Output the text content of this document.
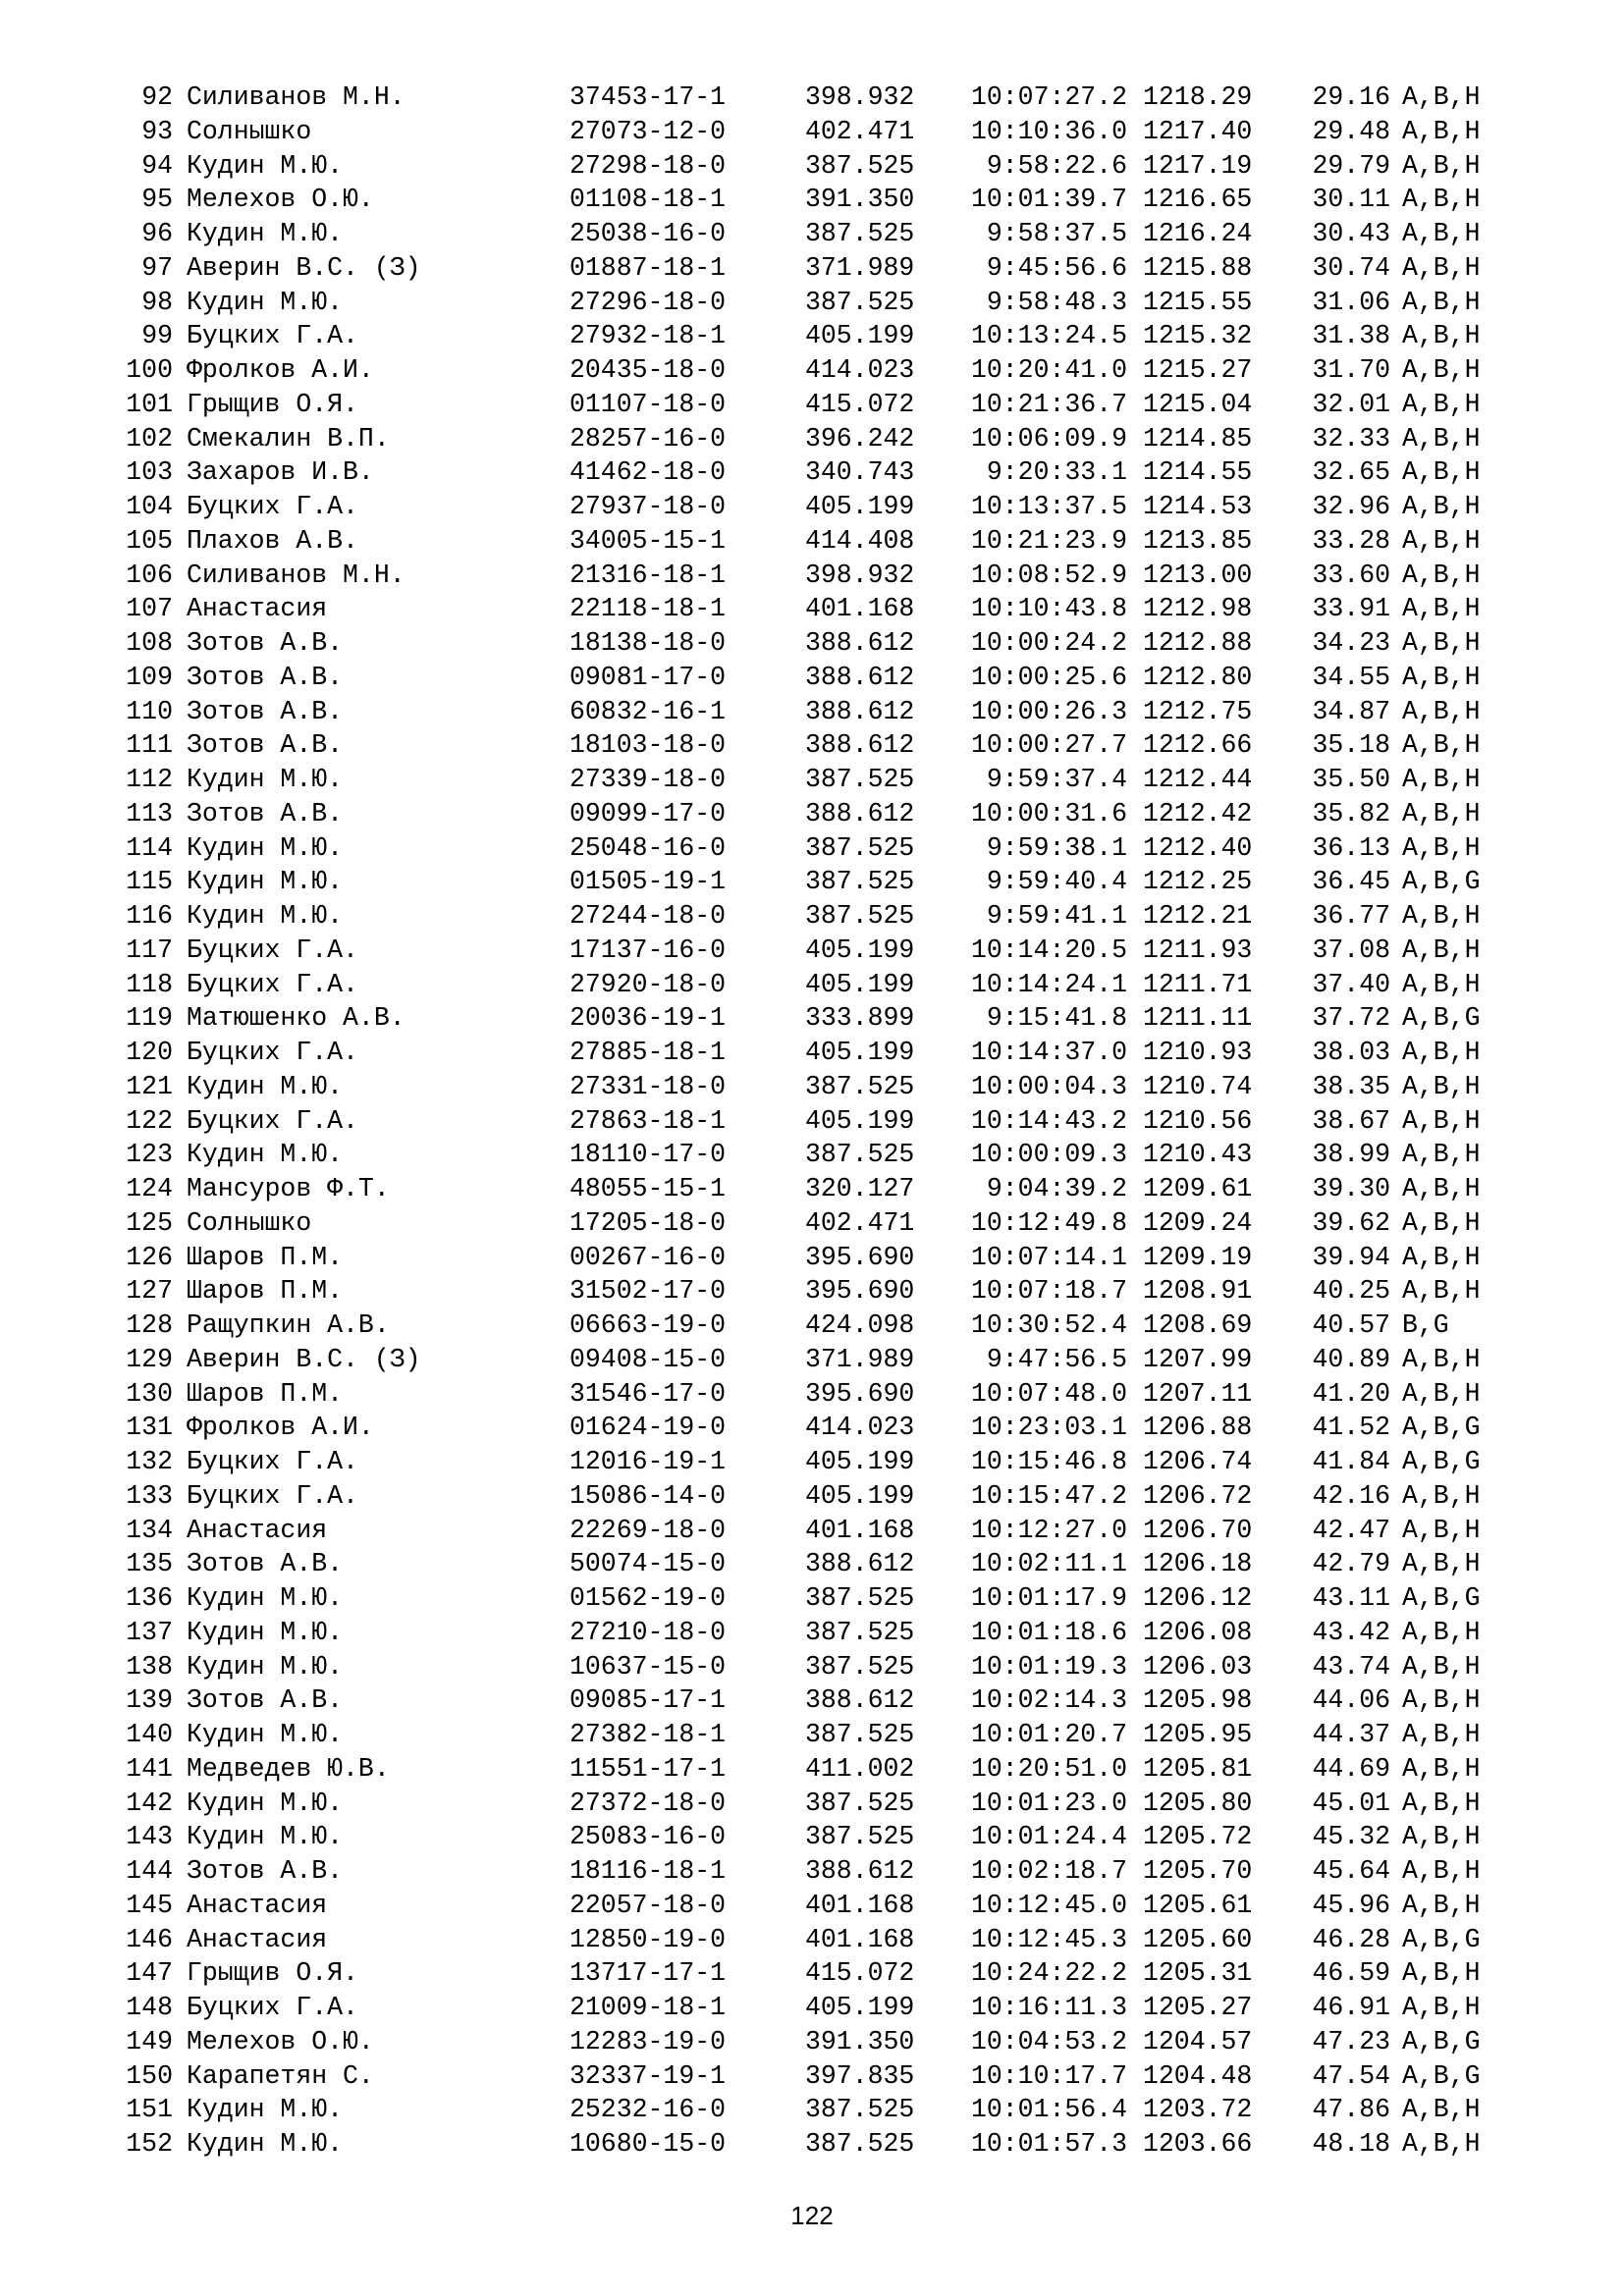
92 Силиванов М.Н.	37453-17-1	398.932	10:07:27.2 1218.29 29.16 A,B,H
93 Солнышко	27073-12-0	402.471	10:10:36.0 1217.40 29.48 A,B,H
94 Кудин М.Ю.	27298-18-0	387.525	9:58:22.6 1217.19 29.79 A,B,H
95 Мелехов О.Ю.	01108-18-1	391.350	10:01:39.7 1216.65 30.11 A,B,H
96 Кудин М.Ю.	25038-16-0	387.525	9:58:37.5 1216.24 30.43 A,B,H
97 Аверин В.С. (З)	01887-18-1	371.989	9:45:56.6 1215.88 30.74 A,B,H
98 Кудин М.Ю.	27296-18-0	387.525	9:58:48.3 1215.55 31.06 A,B,H
99 Буцких Г.А.	27932-18-1	405.199	10:13:24.5 1215.32 31.38 A,B,H
100 Фролков А.И.	20435-18-0	414.023	10:20:41.0 1215.27 31.70 A,B,H
101 Грыщив О.Я.	01107-18-0	415.072	10:21:36.7 1215.04 32.01 A,B,H
102 Смекалин В.П.	28257-16-0	396.242	10:06:09.9 1214.85 32.33 A,B,H
103 Захаров И.В.	41462-18-0	340.743	9:20:33.1 1214.55 32.65 A,B,H
104 Буцких Г.А.	27937-18-0	405.199	10:13:37.5 1214.53 32.96 A,B,H
105 Плахов А.В.	34005-15-1	414.408	10:21:23.9 1213.85 33.28 A,B,H
106 Силиванов М.Н.	21316-18-1	398.932	10:08:52.9 1213.00 33.60 A,B,H
107 Анастасия	22118-18-1	401.168	10:10:43.8 1212.98 33.91 A,B,H
108 Зотов А.В.	18138-18-0	388.612	10:00:24.2 1212.88 34.23 A,B,H
109 Зотов А.В.	09081-17-0	388.612	10:00:25.6 1212.80 34.55 A,B,H
110 Зотов А.В.	60832-16-1	388.612	10:00:26.3 1212.75 34.87 A,B,H
111 Зотов А.В.	18103-18-0	388.612	10:00:27.7 1212.66 35.18 A,B,H
112 Кудин М.Ю.	27339-18-0	387.525	9:59:37.4 1212.44 35.50 A,B,H
113 Зотов А.В.	09099-17-0	388.612	10:00:31.6 1212.42 35.82 A,B,H
114 Кудин М.Ю.	25048-16-0	387.525	9:59:38.1 1212.40 36.13 A,B,H
115 Кудин М.Ю.	01505-19-1	387.525	9:59:40.4 1212.25 36.45 A,B,G
116 Кудин М.Ю.	27244-18-0	387.525	9:59:41.1 1212.21 36.77 A,B,H
117 Буцких Г.А.	17137-16-0	405.199	10:14:20.5 1211.93 37.08 A,B,H
118 Буцких Г.А.	27920-18-0	405.199	10:14:24.1 1211.71 37.40 A,B,H
119 Матюшенко А.В.	20036-19-1	333.899	9:15:41.8 1211.11 37.72 A,B,G
120 Буцких Г.А.	27885-18-1	405.199	10:14:37.0 1210.93 38.03 A,B,H
121 Кудин М.Ю.	27331-18-0	387.525	10:00:04.3 1210.74 38.35 A,B,H
122 Буцких Г.А.	27863-18-1	405.199	10:14:43.2 1210.56 38.67 A,B,H
123 Кудин М.Ю.	18110-17-0	387.525	10:00:09.3 1210.43 38.99 A,B,H
124 Мансуров Ф.Т.	48055-15-1	320.127	9:04:39.2 1209.61 39.30 A,B,H
125 Солнышко	17205-18-0	402.471	10:12:49.8 1209.24 39.62 A,B,H
126 Шаров П.М.	00267-16-0	395.690	10:07:14.1 1209.19 39.94 A,B,H
127 Шаров П.М.	31502-17-0	395.690	10:07:18.7 1208.91 40.25 A,B,H
128 Ращупкин А.В.	06663-19-0	424.098	10:30:52.4 1208.69 40.57 B,G
129 Аверин В.С. (З)	09408-15-0	371.989	9:47:56.5 1207.99 40.89 A,B,H
130 Шаров П.М.	31546-17-0	395.690	10:07:48.0 1207.11 41.20 A,B,H
131 Фролков А.И.	01624-19-0	414.023	10:23:03.1 1206.88 41.52 A,B,G
132 Буцких Г.А.	12016-19-1	405.199	10:15:46.8 1206.74 41.84 A,B,G
133 Буцких Г.А.	15086-14-0	405.199	10:15:47.2 1206.72 42.16 A,B,H
134 Анастасия	22269-18-0	401.168	10:12:27.0 1206.70 42.47 A,B,H
135 Зотов А.В.	50074-15-0	388.612	10:02:11.1 1206.18 42.79 A,B,H
136 Кудин М.Ю.	01562-19-0	387.525	10:01:17.9 1206.12 43.11 A,B,G
137 Кудин М.Ю.	27210-18-0	387.525	10:01:18.6 1206.08 43.42 A,B,H
138 Кудин М.Ю.	10637-15-0	387.525	10:01:19.3 1206.03 43.74 A,B,H
139 Зотов А.В.	09085-17-1	388.612	10:02:14.3 1205.98 44.06 A,B,H
140 Кудин М.Ю.	27382-18-1	387.525	10:01:20.7 1205.95 44.37 A,B,H
141 Медведев Ю.В.	11551-17-1	411.002	10:20:51.0 1205.81 44.69 A,B,H
142 Кудин М.Ю.	27372-18-0	387.525	10:01:23.0 1205.80 45.01 A,B,H
143 Кудин М.Ю.	25083-16-0	387.525	10:01:24.4 1205.72 45.32 A,B,H
144 Зотов А.В.	18116-18-1	388.612	10:02:18.7 1205.70 45.64 A,B,H
145 Анастасия	22057-18-0	401.168	10:12:45.0 1205.61 45.96 A,B,H
146 Анастасия	12850-19-0	401.168	10:12:45.3 1205.60 46.28 A,B,G
147 Грыщив О.Я.	13717-17-1	415.072	10:24:22.2 1205.31 46.59 A,B,H
148 Буцких Г.А.	21009-18-1	405.199	10:16:11.3 1205.27 46.91 A,B,H
149 Мелехов О.Ю.	12283-19-0	391.350	10:04:53.2 1204.57 47.23 A,B,G
150 Карапетян С.	32337-19-1	397.835	10:10:17.7 1204.48 47.54 A,B,G
151 Кудин М.Ю.	25232-16-0	387.525	10:01:56.4 1203.72 47.86 A,B,H
152 Кудин М.Ю.	10680-15-0	387.525	10:01:57.3 1203.66 48.18 A,B,H
122
